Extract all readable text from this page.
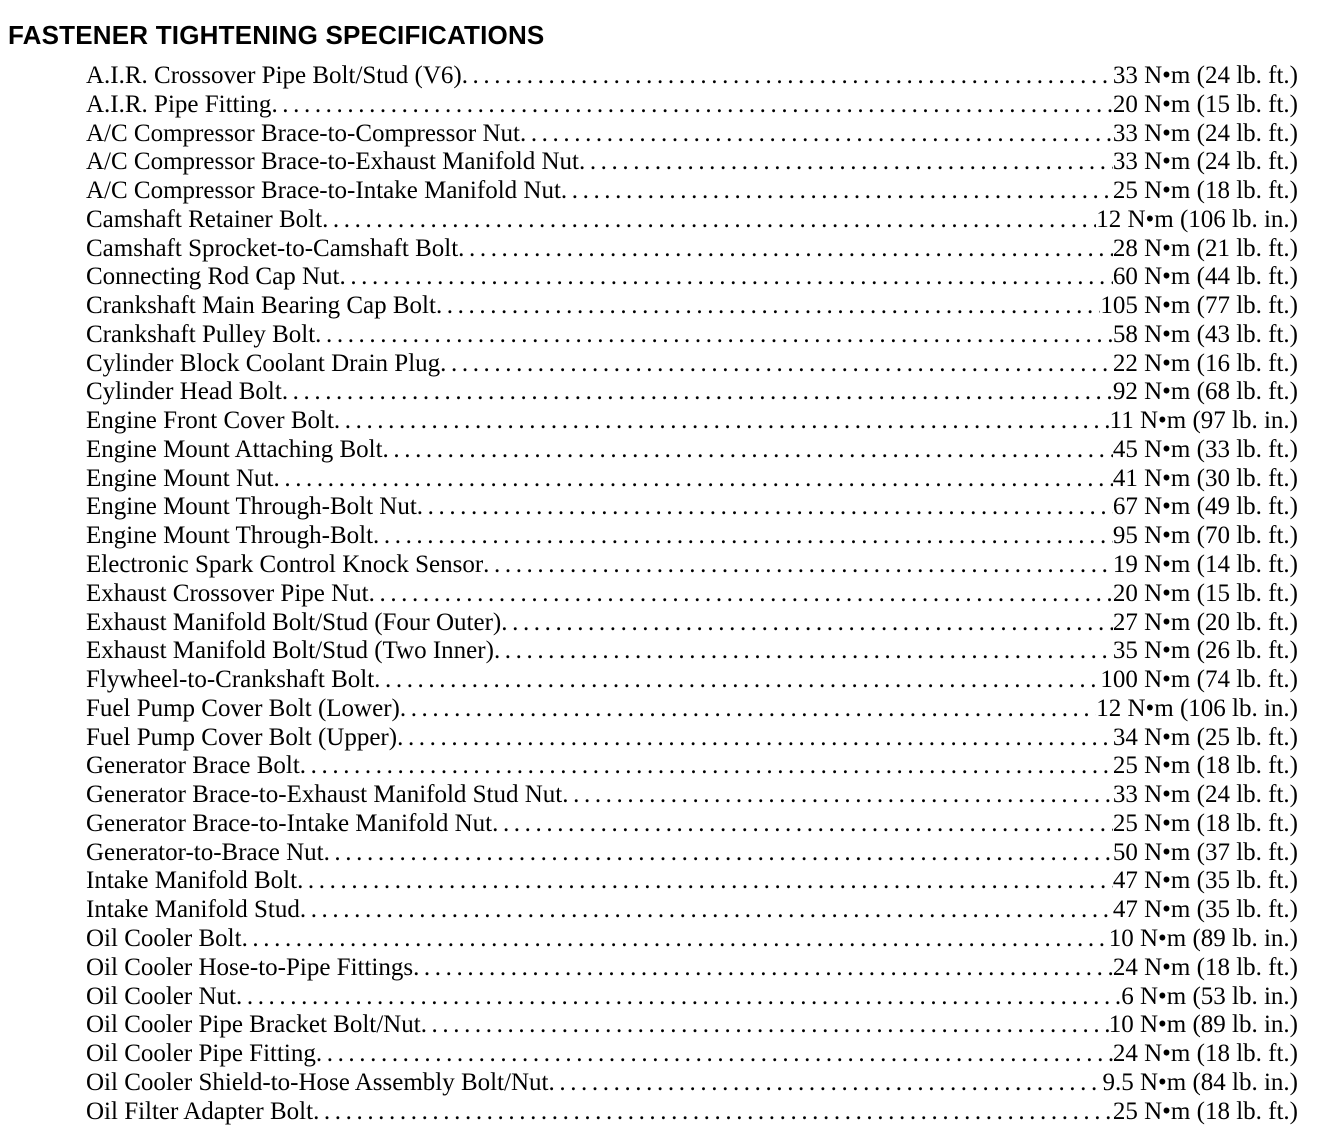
FASTENER TIGHTENING SPECIFICATIONS
A.I.R. Crossover Pipe Bolt/Stud (V6) .....	33 N•m (24 lb. ft.)
A.I.R. Pipe Fitting .....	20 N•m (15 lb. ft.)
A/C Compressor Brace-to-Compressor Nut .....	33 N•m (24 lb. ft.)
A/C Compressor Brace-to-Exhaust Manifold Nut .....	33 N•m (24 lb. ft.)
A/C Compressor Brace-to-Intake Manifold Nut .....	25 N•m (18 lb. ft.)
Camshaft Retainer Bolt .....	12 N•m (106 lb. in.)
Camshaft Sprocket-to-Camshaft Bolt .....	28 N•m (21 lb. ft.)
Connecting Rod Cap Nut .....	60 N•m (44 lb. ft.)
Crankshaft Main Bearing Cap Bolt .....	105 N•m (77 lb. ft.)
Crankshaft Pulley Bolt .....	58 N•m (43 lb. ft.)
Cylinder Block Coolant Drain Plug .....	22 N•m (16 lb. ft.)
Cylinder Head Bolt .....	92 N•m (68 lb. ft.)
Engine Front Cover Bolt .....	11 N•m (97 lb. in.)
Engine Mount Attaching Bolt .....	45 N•m (33 lb. ft.)
Engine Mount Nut .....	41 N•m (30 lb. ft.)
Engine Mount Through-Bolt Nut .....	67 N•m (49 lb. ft.)
Engine Mount Through-Bolt .....	95 N•m (70 lb. ft.)
Electronic Spark Control Knock Sensor .....	19 N•m (14 lb. ft.)
Exhaust Crossover Pipe Nut .....	20 N•m (15 lb. ft.)
Exhaust Manifold Bolt/Stud (Four Outer) .....	27 N•m (20 lb. ft.)
Exhaust Manifold Bolt/Stud (Two Inner) .....	35 N•m (26 lb. ft.)
Flywheel-to-Crankshaft Bolt .....	100 N•m (74 lb. ft.)
Fuel Pump Cover Bolt (Lower) .....	12 N•m (106 lb. in.)
Fuel Pump Cover Bolt (Upper) .....	34 N•m (25 lb. ft.)
Generator Brace Bolt .....	25 N•m (18 lb. ft.)
Generator Brace-to-Exhaust Manifold Stud Nut .....	33 N•m (24 lb. ft.)
Generator Brace-to-Intake Manifold Nut .....	25 N•m (18 lb. ft.)
Generator-to-Brace Nut .....	50 N•m (37 lb. ft.)
Intake Manifold Bolt .....	47 N•m (35 lb. ft.)
Intake Manifold Stud .....	47 N•m (35 lb. ft.)
Oil Cooler Bolt .....	10 N•m (89 lb. in.)
Oil Cooler Hose-to-Pipe Fittings .....	24 N•m (18 lb. ft.)
Oil Cooler Nut .....	6 N•m (53 lb. in.)
Oil Cooler Pipe Bracket Bolt/Nut .....	10 N•m (89 lb. in.)
Oil Cooler Pipe Fitting .....	24 N•m (18 lb. ft.)
Oil Cooler Shield-to-Hose Assembly Bolt/Nut .....	9.5 N•m (84 lb. in.)
Oil Filter Adapter Bolt .....	25 N•m (18 lb. ft.)
